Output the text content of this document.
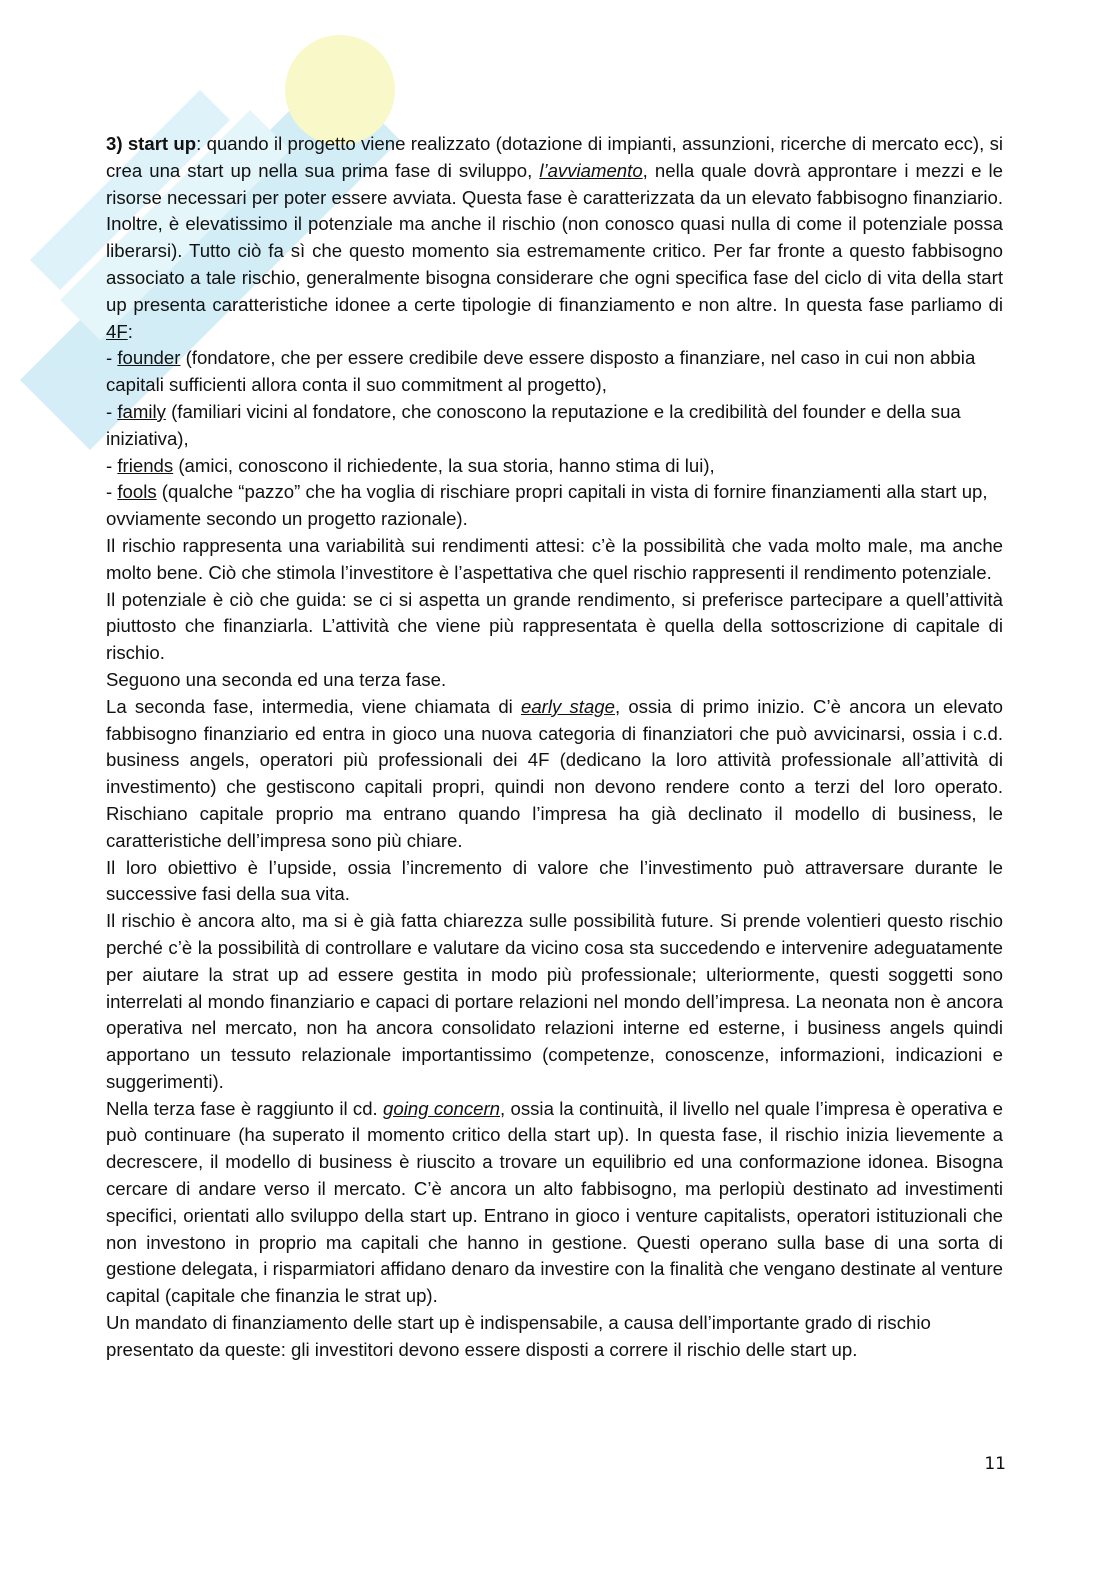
3) start up: quando il progetto viene realizzato (dotazione di impianti, assunzioni, ricerche di mercato ecc), si crea una start up nella sua prima fase di sviluppo, l’avviamento, nella quale dovrà approntare i mezzi e le risorse necessari per poter essere avviata. Questa fase è caratterizzata da un elevato fabbisogno finanziario. Inoltre, è elevatissimo il potenziale ma anche il rischio (non conosco quasi nulla di come il potenziale possa liberarsi). Tutto ciò fa sì che questo momento sia estremamente critico. Per far fronte a questo fabbisogno associato a tale rischio, generalmente bisogna considerare che ogni specifica fase del ciclo di vita della start up presenta caratteristiche idonee a certe tipologie di finanziamento e non altre. In questa fase parliamo di 4F:

- founder (fondatore, che per essere credibile deve essere disposto a finanziare, nel caso in cui non abbia capitali sufficienti allora conta il suo commitment al progetto),

- family (familiari vicini al fondatore, che conoscono la reputazione e la credibilità del founder e della sua iniziativa),

- friends (amici, conoscono il richiedente, la sua storia, hanno stima di lui),

- fools (qualche “pazzo” che ha voglia di rischiare propri capitali in vista di fornire finanziamenti alla start up, ovviamente secondo un progetto razionale).

Il rischio rappresenta una variabilità sui rendimenti attesi: c’è la possibilità che vada molto male, ma anche molto bene. Ciò che stimola l’investitore è l’aspettativa che quel rischio rappresenti il rendimento potenziale.

Il potenziale è ciò che guida: se ci si aspetta un grande rendimento, si preferisce partecipare a quell’attività piuttosto che finanziarla. L’attività che viene più rappresentata è quella della sottoscrizione di capitale di rischio.

Seguono una seconda ed una terza fase.

La seconda fase, intermedia, viene chiamata di early stage, ossia di primo inizio. C’è ancora un elevato fabbisogno finanziario ed entra in gioco una nuova categoria di finanziatori che può avvicinarsi, ossia i c.d. business angels, operatori più professionali dei 4F (dedicano la loro attività professionale all’attività di investimento) che gestiscono capitali propri, quindi non devono rendere conto a terzi del loro operato. Rischiano capitale proprio ma entrano quando l’impresa ha già declinato il modello di business, le caratteristiche dell’impresa sono più chiare.

Il loro obiettivo è l’upside, ossia l’incremento di valore che l’investimento può attraversare durante le successive fasi della sua vita.

Il rischio è ancora alto, ma si è già fatta chiarezza sulle possibilità future. Si prende volentieri questo rischio perché c’è la possibilità di controllare e valutare da vicino cosa sta succedendo e intervenire adeguatamente per aiutare la strat up ad essere gestita in modo più professionale; ulteriormente, questi soggetti sono interrelati al mondo finanziario e capaci di portare relazioni nel mondo dell’impresa. La neonata non è ancora operativa nel mercato, non ha ancora consolidato relazioni interne ed esterne, i business angels quindi apportano un tessuto relazionale importantissimo (competenze, conoscenze, informazioni, indicazioni e suggerimenti).

Nella terza fase è raggiunto il cd. going concern, ossia la continuità, il livello nel quale l’impresa è operativa e può continuare (ha superato il momento critico della start up). In questa fase, il rischio inizia lievemente a decrescere, il modello di business è riuscito a trovare un equilibrio ed una conformazione idonea. Bisogna cercare di andare verso il mercato. C’è ancora un alto fabbisogno, ma perlopiù destinato ad investimenti specifici, orientati allo sviluppo della start up. Entrano in gioco i venture capitalists, operatori istituzionali che non investono in proprio ma capitali che hanno in gestione. Questi operano sulla base di una sorta di gestione delegata, i risparmiatori affidano denaro da investire con la finalità che vengano destinate al venture capital (capitale che finanzia le strat up).

Un mandato di finanziamento delle start up è indispensabile, a causa dell’importante grado di rischio presentato da queste: gli investitori devono essere disposti a correre il rischio delle start up.

11
